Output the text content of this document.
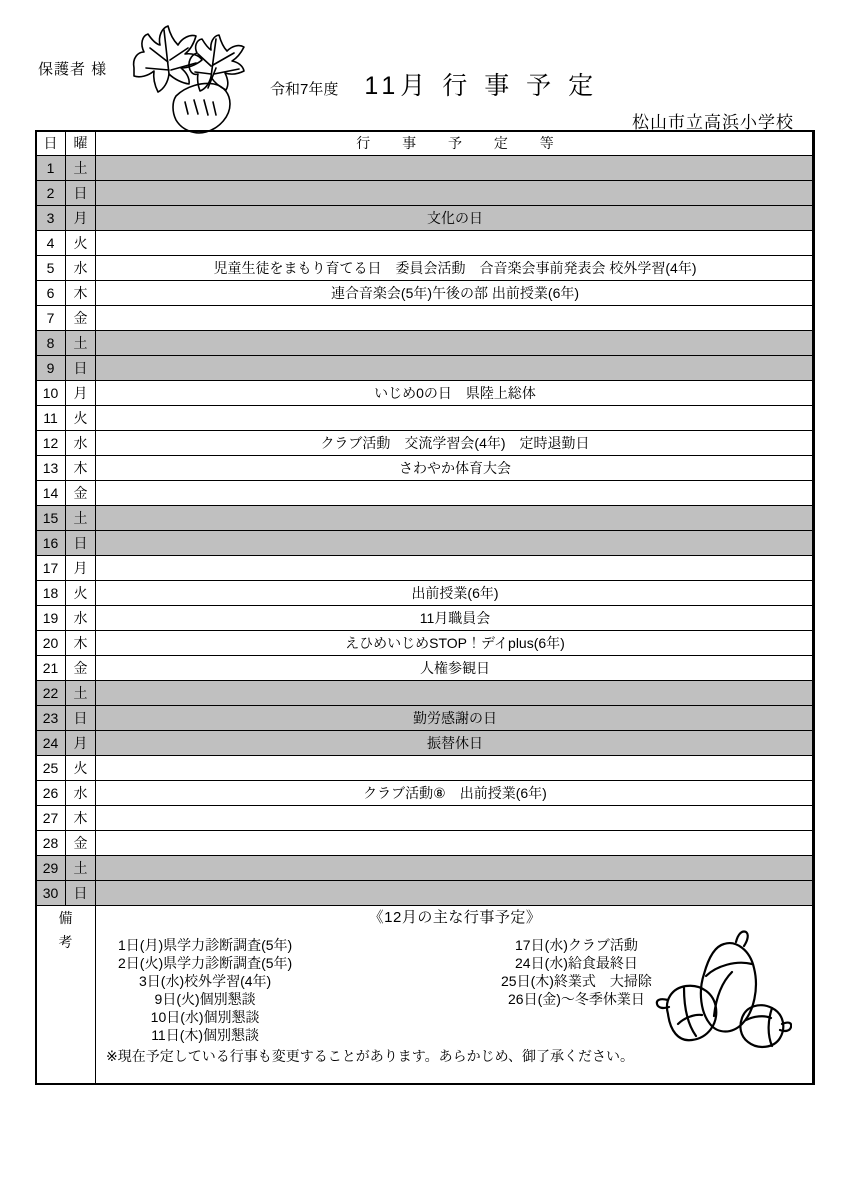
保護者 様
令和7年度 11月 行 事 予 定
松山市立高浜小学校
日	曜	行 事 予 定 等
1	土	
2	日	
3	月	文化の日
4	火	
5	水	児童生徒をまもり育てる日　委員会活動　合音楽会事前発表会 校外学習(4年)
6	木	連合音楽会(5年)午後の部 出前授業(6年)
7	金	
8	土	
9	日	
10	月	いじめ0の日　県陸上総体
11	火	
12	水	クラブ活動　交流学習会(4年)　定時退勤日
13	木	さわやか体育大会
14	金	
15	土	
16	日	
17	月	
18	火	出前授業(6年)
19	水	11月職員会
20	木	えひめいじめSTOP！デイplus(6年)
21	金	人権参観日
22	土	
23	日	勤労感謝の日
24	月	振替休日
25	火	
26	水	クラブ活動⑧　出前授業(6年)
27	木	
28	金	
29	土	
30	日	

備
考

《12月の主な行事予定》
1日(月)県学力診断調査(5年)
2日(火)県学力診断調査(5年)
3日(水)校外学習(4年)
9日(火)個別懇談
10日(水)個別懇談
11日(木)個別懇談
17日(水)クラブ活動
24日(水)給食最終日
25日(木)終業式　大掃除
26日(金)～冬季休業日
※現在予定している行事も変更することがあります。あらかじめ、御了承ください。
